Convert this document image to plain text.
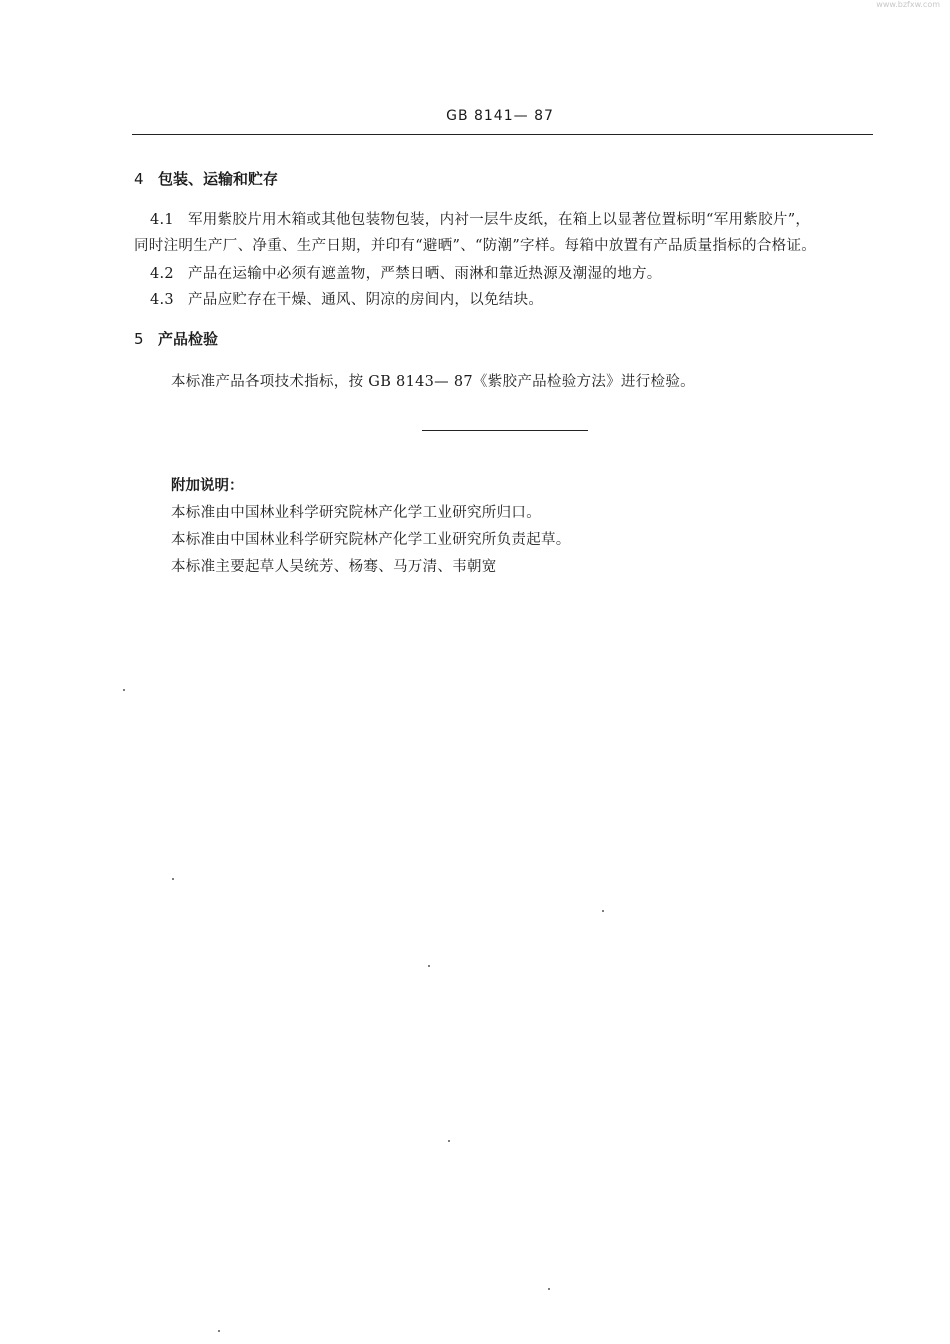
www.bzfxw.com
GB 8141— 87
4 包装、运输和贮存
4.1 军用紫胶片用木箱或其他包装物包装，内衬一层牛皮纸，在箱上以显著位置标明“军用紫胶片”，
同时注明生产厂、净重、生产日期，并印有“避晒”、“防潮”字样。每箱中放置有产品质量指标的合格证。
4.2 产品在运输中必须有遮盖物，严禁日晒、雨淋和靠近热源及潮湿的地方。
4.3 产品应贮存在干燥、通风、阴凉的房间内，以免结块。
5 产品检验
本标准产品各项技术指标，按 GB 8143— 87《紫胶产品检验方法》进行检验。
附加说明：
本标准由中国林业科学研究院林产化学工业研究所归口。
本标准由中国林业科学研究院林产化学工业研究所负责起草。
本标准主要起草人吴统芳、杨骞、马万清、韦朝宽
